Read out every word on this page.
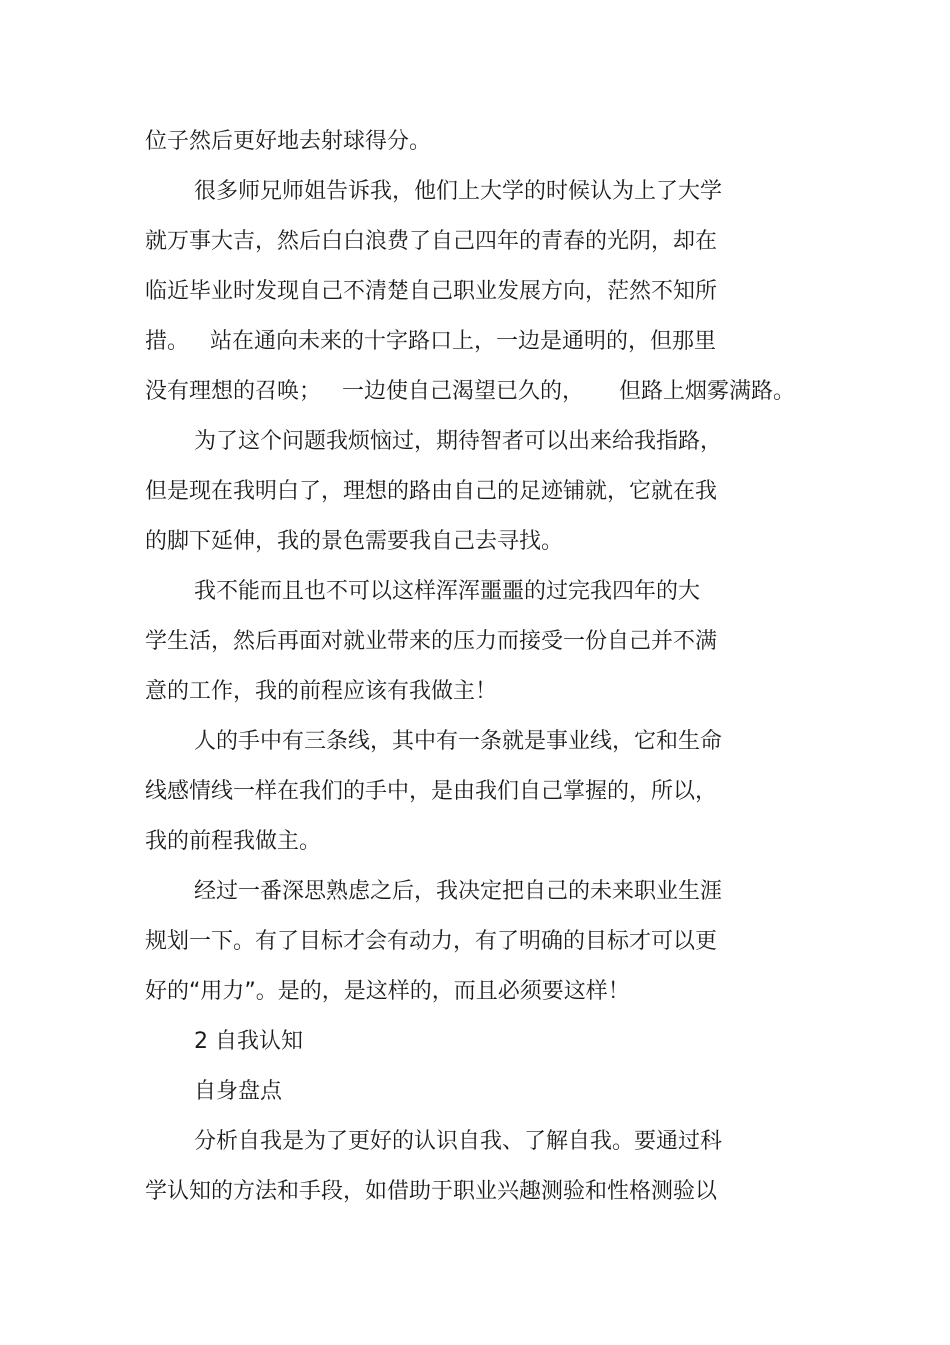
位子然后更好地去射球得分。

很多师兄师姐告诉我，他们上大学的时候认为上了大学

就万事大吉，然后白白浪费了自己四年的青春的光阴，却在

临近毕业时发现自己不清楚自己职业发展方向，茫然不知所

措。   站在通向未来的十字路口上，一边是通明的，但那里

没有理想的召唤；   一边使自己渴望已久的，     但路上烟雾满路。

为了这个问题我烦恼过，期待智者可以出来给我指路，

但是现在我明白了，理想的路由自己的足迹铺就，它就在我

的脚下延伸，我的景色需要我自己去寻找。

我不能而且也不可以这样浑浑噩噩的过完我四年的大

学生活，然后再面对就业带来的压力而接受一份自己并不满

意的工作，我的前程应该有我做主！

人的手中有三条线，其中有一条就是事业线，它和生命

线感情线一样在我们的手中，是由我们自己掌握的，所以，

我的前程我做主。

经过一番深思熟虑之后，我决定把自己的未来职业生涯

规划一下。有了目标才会有动力，有了明确的目标才可以更

好的“用力”。是的，是这样的，而且必须要这样！

2 自我认知

自身盘点

分析自我是为了更好的认识自我、了解自我。要通过科

学认知的方法和手段，如借助于职业兴趣测验和性格测验以
